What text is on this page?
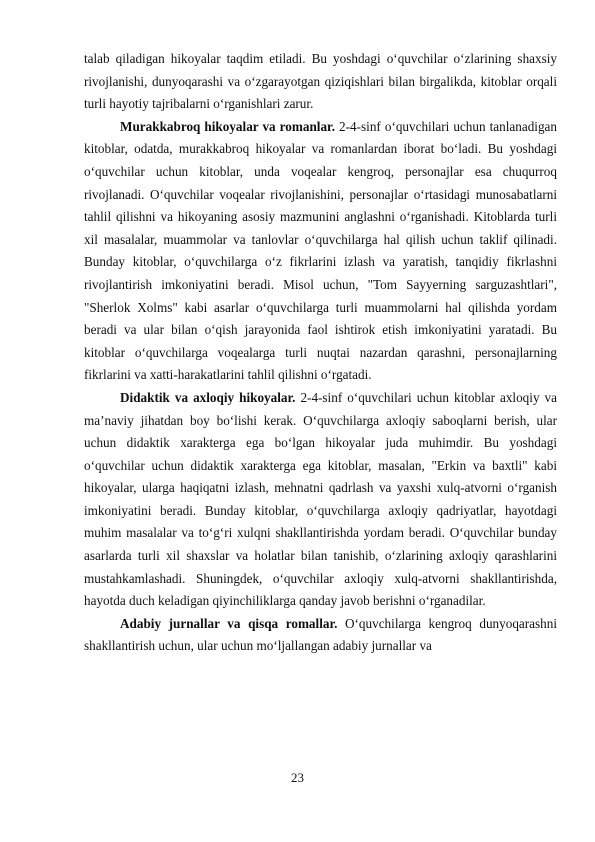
talab qiladigan hikoyalar taqdim etiladi. Bu yoshdagi o‘quvchilar o‘zlarining shaxsiy rivojlanishi, dunyoqarashi va o‘zgarayotgan qiziqishlari bilan birgalikda, kitoblar orqali turli hayotiy tajribalarni o‘rganishlari zarur.

Murakkabroq hikoyalar va romanlar. 2-4-sinf o‘quvchilari uchun tanlanadigan kitoblar, odatda, murakkabroq hikoyalar va romanlardan iborat bo‘ladi. Bu yoshdagi o‘quvchilar uchun kitoblar, unda voqealar kengroq, personajlar esa chuqurroq rivojlanadi. O‘quvchilar voqealar rivojlanishini, personajlar o‘rtasidagi munosabatlarni tahlil qilishni va hikoyaning asosiy mazmunini anglashni o‘rganishadi. Kitoblarda turli xil masalalar, muammolar va tanlovlar o‘quvchilarga hal qilish uchun taklif qilinadi. Bunday kitoblar, o‘quvchilarga o‘z fikrlarini izlash va yaratish, tanqidiy fikrlashni rivojlantirish imkoniyatini beradi. Misol uchun, "Tom Sayyerning sarguzashtlari", "Sherlok Xolms" kabi asarlar o‘quvchilarga turli muammolarni hal qilishda yordam beradi va ular bilan o‘qish jarayonida faol ishtirok etish imkoniyatini yaratadi. Bu kitoblar o‘quvchilarga voqealarga turli nuqtai nazardan qarashni, personajlarning fikrlarini va xatti-harakatlarini tahlil qilishni o‘rgatadi.

Didaktik va axloqiy hikoyalar. 2-4-sinf o‘quvchilari uchun kitoblar axloqiy va ma’naviy jihatdan boy bo‘lishi kerak. O‘quvchilarga axloqiy saboqlarni berish, ular uchun didaktik xarakterga ega bo‘lgan hikoyalar juda muhimdir. Bu yoshdagi o‘quvchilar uchun didaktik xarakterga ega kitoblar, masalan, "Erkin va baxtli" kabi hikoyalar, ularga haqiqatni izlash, mehnatni qadrlash va yaxshi xulq-atvorni o‘rganish imkoniyatini beradi. Bunday kitoblar, o‘quvchilarga axloqiy qadriyatlar, hayotdagi muhim masalalar va to‘g‘ri xulqni shakllantirishda yordam beradi. O‘quvchilar bunday asarlarda turli xil shaxslar va holatlar bilan tanishib, o‘zlarining axloqiy qarashlarini mustahkamlashadi. Shuningdek, o‘quvchilar axloqiy xulq-atvorni shakllantirishda, hayotda duch keladigan qiyinchiliklarga qanday javob berishni o‘rganadilar.

Adabiy jurnallar va qisqa romallar. O‘quvchilarga kengroq dunyoqarashni shakllantirish uchun, ular uchun mo‘ljallangan adabiy jurnallar va

23
